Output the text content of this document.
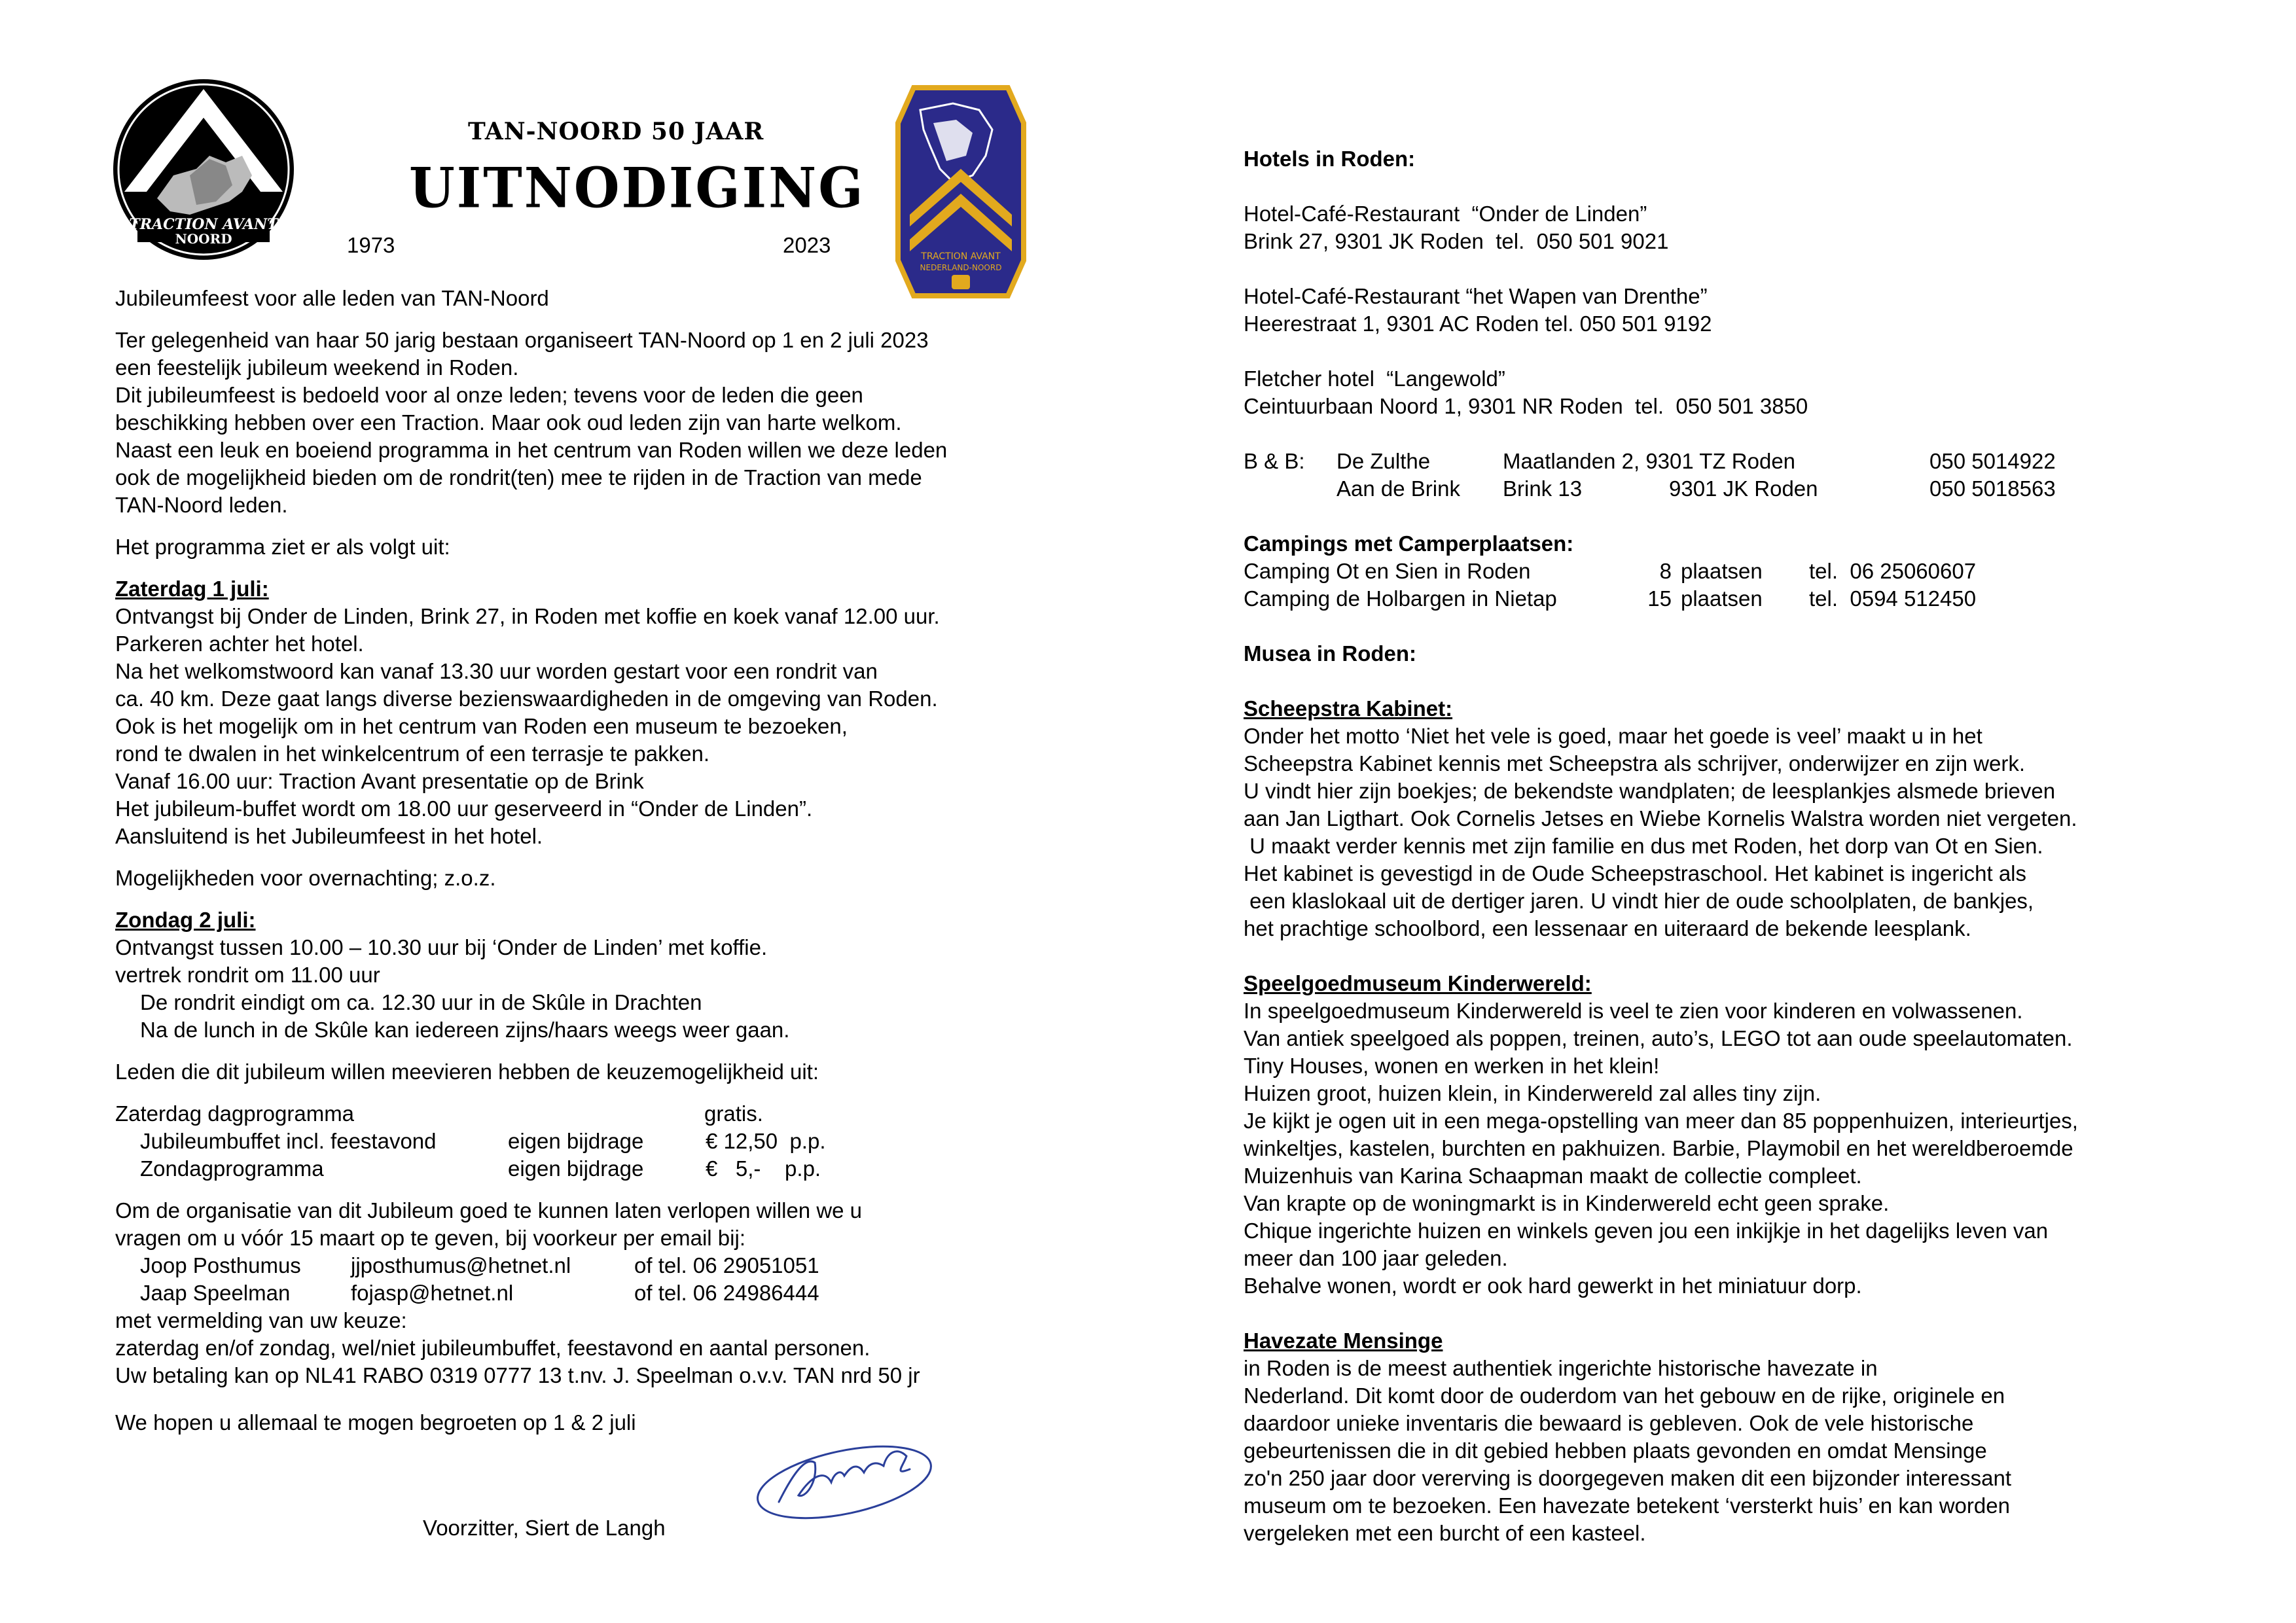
TRACTION AVANT
NOORD
TAN-NOORD 50 JAAR
UITNODIGING
1973	2023	TRACTION AVANT
NEDERLAND-NOORD

Jubileumfeest voor alle leden van TAN-Noord

Ter gelegenheid van haar 50 jarig bestaan organiseert TAN-Noord op 1 en 2 juli 2023

een feestelijk jubileum weekend in Roden.

Dit jubileumfeest is bedoeld voor al onze leden; tevens voor de leden die geen

beschikking hebben over een Traction. Maar ook oud leden zijn van harte welkom.

Naast een leuk en boeiend programma in het centrum van Roden willen we deze leden

ook de mogelijkheid bieden om de rondrit(ten) mee te rijden in de Traction van mede

TAN-Noord leden.

Het programma ziet er als volgt uit:

Zaterdag 1 juli:

Ontvangst bij Onder de Linden, Brink 27, in Roden met koffie en koek vanaf 12.00 uur.

Parkeren achter het hotel.

Na het welkomstwoord kan vanaf 13.30 uur worden gestart voor een rondrit van

ca. 40 km. Deze gaat langs diverse bezienswaardigheden in de omgeving van Roden.

Ook is het mogelijk om in het centrum van Roden een museum te bezoeken,

rond te dwalen in het winkelcentrum of een terrasje te pakken.

Vanaf 16.00 uur: Traction Avant presentatie op de Brink

Het jubileum-buffet wordt om 18.00 uur geserveerd in “Onder de Linden”.

Aansluitend is het Jubileumfeest in het hotel.

Mogelijkheden voor overnachting; z.o.z.

Zondag 2 juli:

Ontvangst tussen 10.00 – 10.30 uur bij ‘Onder de Linden’ met koffie.

vertrek rondrit om 11.00 uur

De rondrit eindigt om ca. 12.30 uur in de Skûle in Drachten

Na de lunch in de Skûle kan iedereen zijns/haars weegs weer gaan.

Leden die dit jubileum willen meevieren hebben de keuzemogelijkheid uit:

Zaterdag dagprogramma	gratis.
Jubileumbuffet incl. feestavond	eigen bijdrage	€ 12,50  p.p.
Zondagprogramma	eigen bijdrage	€   5,-    p.p.

Om de organisatie van dit Jubileum goed te kunnen laten verlopen willen we u

vragen om u vóór 15 maart op te geven, bij voorkeur per email bij:

Joop Posthumus	jjposthumus@hetnet.nl	of tel. 06 29051051
Jaap Speelman	fojasp@hetnet.nl	of tel. 06 24986444

met vermelding van uw keuze:

zaterdag en/of zondag, wel/niet jubileumbuffet, feestavond en aantal personen.

Uw betaling kan op NL41 RABO 0319 0777 13 t.nv. J. Speelman o.v.v. TAN nrd 50 jr

We hopen u allemaal te mogen begroeten op 1 & 2 juli

Voorzitter, Siert de Langh

Hotels in Roden:

Hotel-Café-Restaurant  “Onder de Linden”

Brink 27, 9301 JK Roden  tel.  050 501 9021

Hotel-Café-Restaurant “het Wapen van Drenthe”

Heerestraat 1, 9301 AC Roden tel. 050 501 9192

Fletcher hotel  “Langewold”

Ceintuurbaan Noord 1, 9301 NR Roden  tel.  050 501 3850

B & B:	De Zulthe	Maatlanden 2, 9301 TZ Roden	050 5014922
Aan de Brink	Brink 13	9301 JK Roden	050 5018563

Campings met Camperplaatsen:

Camping Ot en Sien in Roden	8 plaatsen	tel.  06 25060607
Camping de Holbargen in Nietap	15 plaatsen	tel.  0594 512450

Musea in Roden:

Scheepstra Kabinet:

Onder het motto ‘Niet het vele is goed, maar het goede is veel’ maakt u in het

Scheepstra Kabinet kennis met Scheepstra als schrijver, onderwijzer en zijn werk.

U vindt hier zijn boekjes; de bekendste wandplaten; de leesplankjes alsmede brieven

aan Jan Ligthart. Ook Cornelis Jetses en Wiebe Kornelis Walstra worden niet vergeten.

U maakt verder kennis met zijn familie en dus met Roden, het dorp van Ot en Sien.

Het kabinet is gevestigd in de Oude Scheepstraschool. Het kabinet is ingericht als

een klaslokaal uit de dertiger jaren. U vindt hier de oude schoolplaten, de bankjes,

het prachtige schoolbord, een lessenaar en uiteraard de bekende leesplank.

Speelgoedmuseum Kinderwereld:

In speelgoedmuseum Kinderwereld is veel te zien voor kinderen en volwassenen.

Van antiek speelgoed als poppen, treinen, auto’s, LEGO tot aan oude speelautomaten.

Tiny Houses, wonen en werken in het klein!

Huizen groot, huizen klein, in Kinderwereld zal alles tiny zijn.

Je kijkt je ogen uit in een mega-opstelling van meer dan 85 poppenhuizen, interieurtjes,

winkeltjes, kastelen, burchten en pakhuizen. Barbie, Playmobil en het wereldberoemde

Muizenhuis van Karina Schaapman maakt de collectie compleet.

Van krapte op de woningmarkt is in Kinderwereld echt geen sprake.

Chique ingerichte huizen en winkels geven jou een inkijkje in het dagelijks leven van

meer dan 100 jaar geleden.

Behalve wonen, wordt er ook hard gewerkt in het miniatuur dorp.

Havezate Mensinge

in Roden is de meest authentiek ingerichte historische havezate in

Nederland. Dit komt door de ouderdom van het gebouw en de rijke, originele en

daardoor unieke inventaris die bewaard is gebleven. Ook de vele historische

gebeurtenissen die in dit gebied hebben plaats gevonden en omdat Mensinge

zo'n 250 jaar door vererving is doorgegeven maken dit een bijzonder interessant

museum om te bezoeken. Een havezate betekent ‘versterkt huis’ en kan worden

vergeleken met een burcht of een kasteel.
